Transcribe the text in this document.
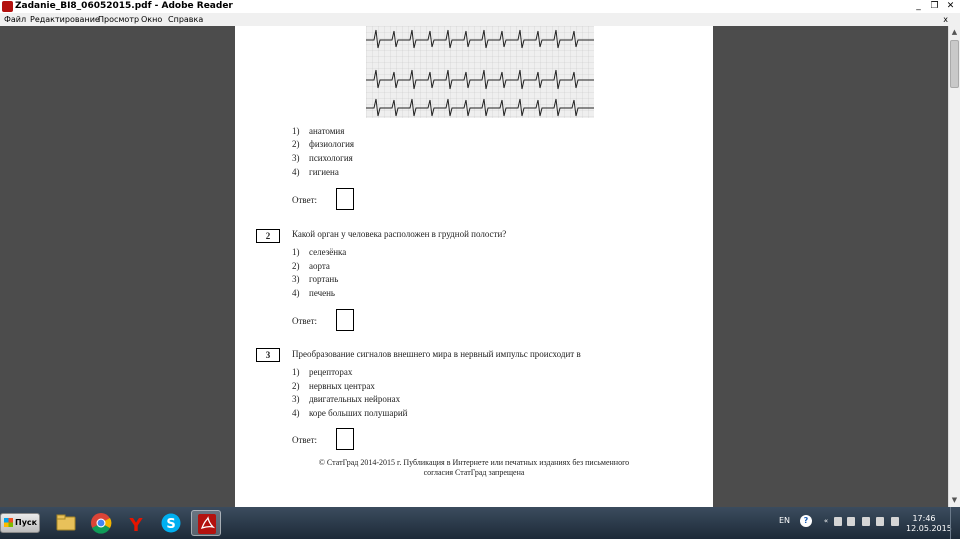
Zadanie_BI8_06052015.pdf - Adobe Reader	_	❐ ✕
Файл Редактирование
Просмотр Окно Справка	x
1) анатомия
2) физиология
3) психология
4) гигиена
Ответ:
2	Какой орган у человека расположен в грудной полости?
1) селезёнка
2) аорта
3) гортань
4) печень
Ответ:
3	Преобразование сигналов внешнего мира в нервный импульс происходит в
1) рецепторах
2) нервных центрах
3) двигательных нейронах
4) коре больших полушарий
Ответ:
© СтатГрад 2014-2015 г. Публикация в Интернете или печатных изданиях без письменного
согласия СтатГрад запрещена
▲
▼
Пуск	Y S	EN	?	«	17:46
12.05.2015
